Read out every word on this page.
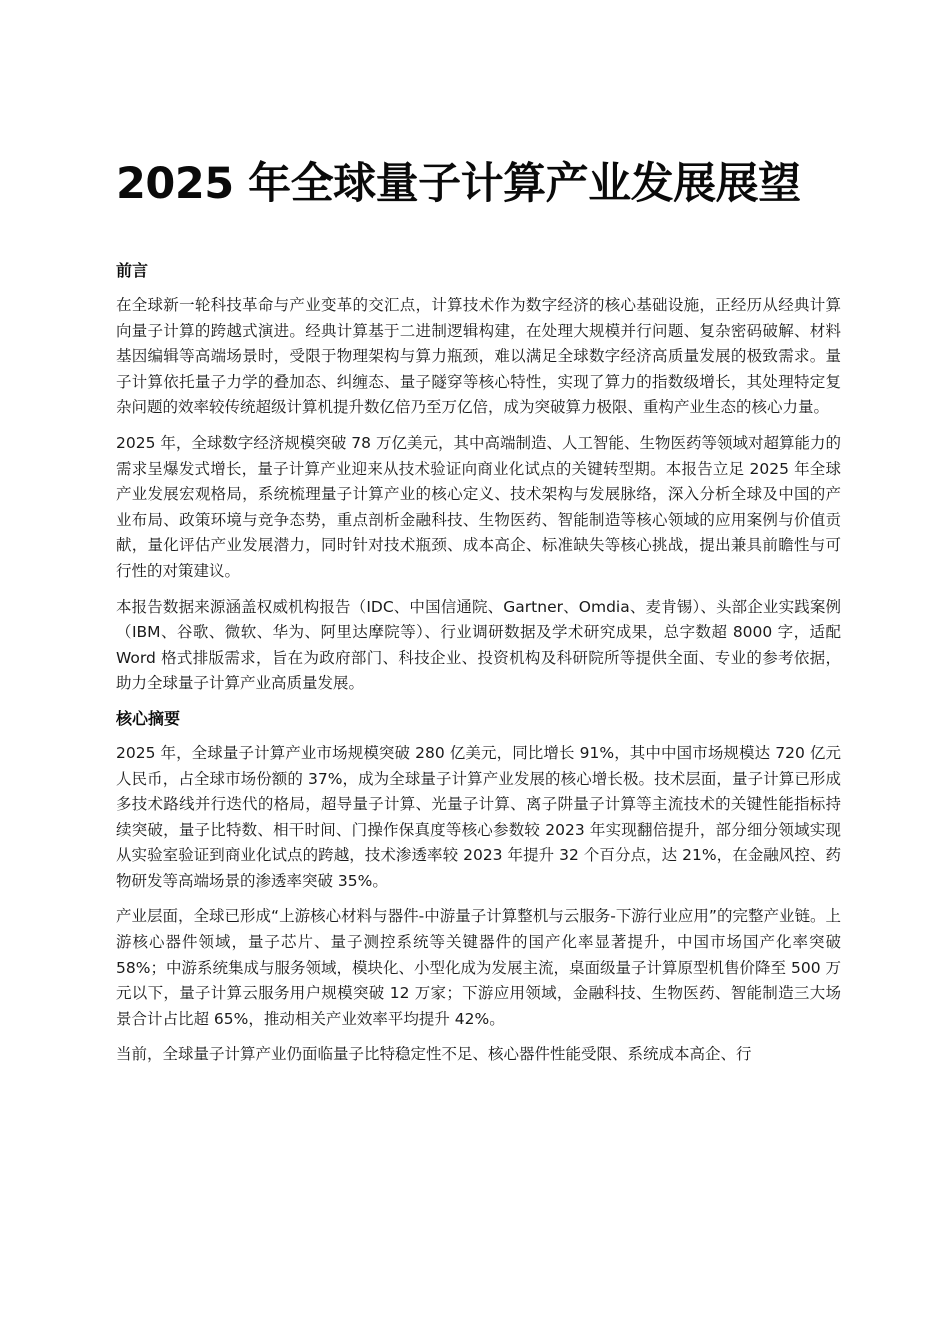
2025 年全球量子计算产业发展展望
前言

在全球新一轮科技革命与产业变革的交汇点，计算技术作为数字经济的核心基础设施，正经历从经典计算向量子计算的跨越式演进。经典计算基于二进制逻辑构建，在处理大规模并行问题、复杂密码破解、材料基因编辑等高端场景时，受限于物理架构与算力瓶颈，难以满足全球数字经济高质量发展的极致需求。量子计算依托量子力学的叠加态、纠缠态、量子隧穿等核心特性，实现了算力的指数级增长，其处理特定复杂问题的效率较传统超级计算机提升数亿倍乃至万亿倍，成为突破算力极限、重构产业生态的核心力量。

2025 年，全球数字经济规模突破 78 万亿美元，其中高端制造、人工智能、生物医药等领域对超算能力的需求呈爆发式增长，量子计算产业迎来从技术验证向商业化试点的关键转型期。本报告立足 2025 年全球产业发展宏观格局，系统梳理量子计算产业的核心定义、技术架构与发展脉络，深入分析全球及中国的产业布局、政策环境与竞争态势，重点剖析金融科技、生物医药、智能制造等核心领域的应用案例与价值贡献，量化评估产业发展潜力，同时针对技术瓶颈、成本高企、标准缺失等核心挑战，提出兼具前瞻性与可行性的对策建议。

本报告数据来源涵盖权威机构报告（IDC、中国信通院、Gartner、Omdia、麦肯锡）、头部企业实践案例（IBM、谷歌、微软、华为、阿里达摩院等）、行业调研数据及学术研究成果，总字数超 8000 字，适配 Word 格式排版需求，旨在为政府部门、科技企业、投资机构及科研院所等提供全面、专业的参考依据，助力全球量子计算产业高质量发展。

核心摘要

2025 年，全球量子计算产业市场规模突破 280 亿美元，同比增长 91%，其中中国市场规模达 720 亿元人民币，占全球市场份额的 37%，成为全球量子计算产业发展的核心增长极。技术层面，量子计算已形成多技术路线并行迭代的格局，超导量子计算、光量子计算、离子阱量子计算等主流技术的关键性能指标持续突破，量子比特数、相干时间、门操作保真度等核心参数较 2023 年实现翻倍提升，部分细分领域实现从实验室验证到商业化试点的跨越，技术渗透率较 2023 年提升 32 个百分点，达 21%，在金融风控、药物研发等高端场景的渗透率突破 35%。

产业层面，全球已形成“上游核心材料与器件-中游量子计算整机与云服务-下游行业应用”的完整产业链。上游核心器件领域，量子芯片、量子测控系统等关键器件的国产化率显著提升，中国市场国产化率突破 58%；中游系统集成与服务领域，模块化、小型化成为发展主流，桌面级量子计算原型机售价降至 500 万元以下，量子计算云服务用户规模突破 12 万家；下游应用领域，金融科技、生物医药、智能制造三大场景合计占比超 65%，推动相关产业效率平均提升 42%。

当前，全球量子计算产业仍面临量子比特稳定性不足、核心器件性能受限、系统成本高企、行
